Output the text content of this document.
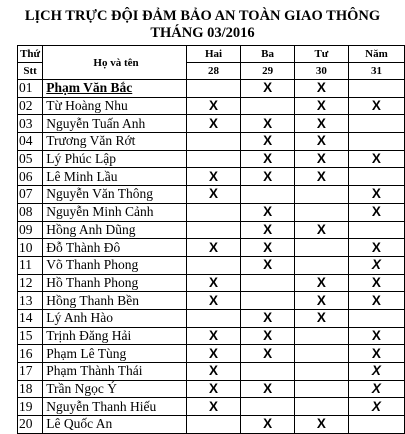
LỊCH TRỰC ĐỘI ĐẢM BẢO AN TOÀN GIAO THÔNG
THÁNG 03/2016
Thứ	Họ và tên	Hai	Ba	Tư	Năm
Stt		28	29	30	31
01	Phạm Văn Bắc		X	X	
02	Từ Hoàng Nhu	X		X	X
03	Nguyễn Tuấn Anh	X	X	X	
04	Trương Văn Rớt		X	X	
05	Lý Phúc Lập		X	X	X
06	Lê Minh Lầu	X	X	X	
07	Nguyễn Văn Thông	X			X
08	Nguyễn Minh Cảnh		X		X
09	Hồng Anh Dũng		X	X	
10	Đỗ Thành Đô	X	X		X
11	Võ Thanh Phong		X		X
12	Hồ Thanh Phong	X		X	X
13	Hồng Thanh Bền	X		X	X
14	Lý Anh Hào		X	X	
15	Trịnh Đăng Hải	X	X		X
16	Phạm Lê Tùng	X	X		X
17	Phạm Thành Thái	X			X
18	Trần Ngọc Ý	X	X		X
19	Nguyễn Thanh Hiếu	X			X
20	Lê Quốc An		X	X	
